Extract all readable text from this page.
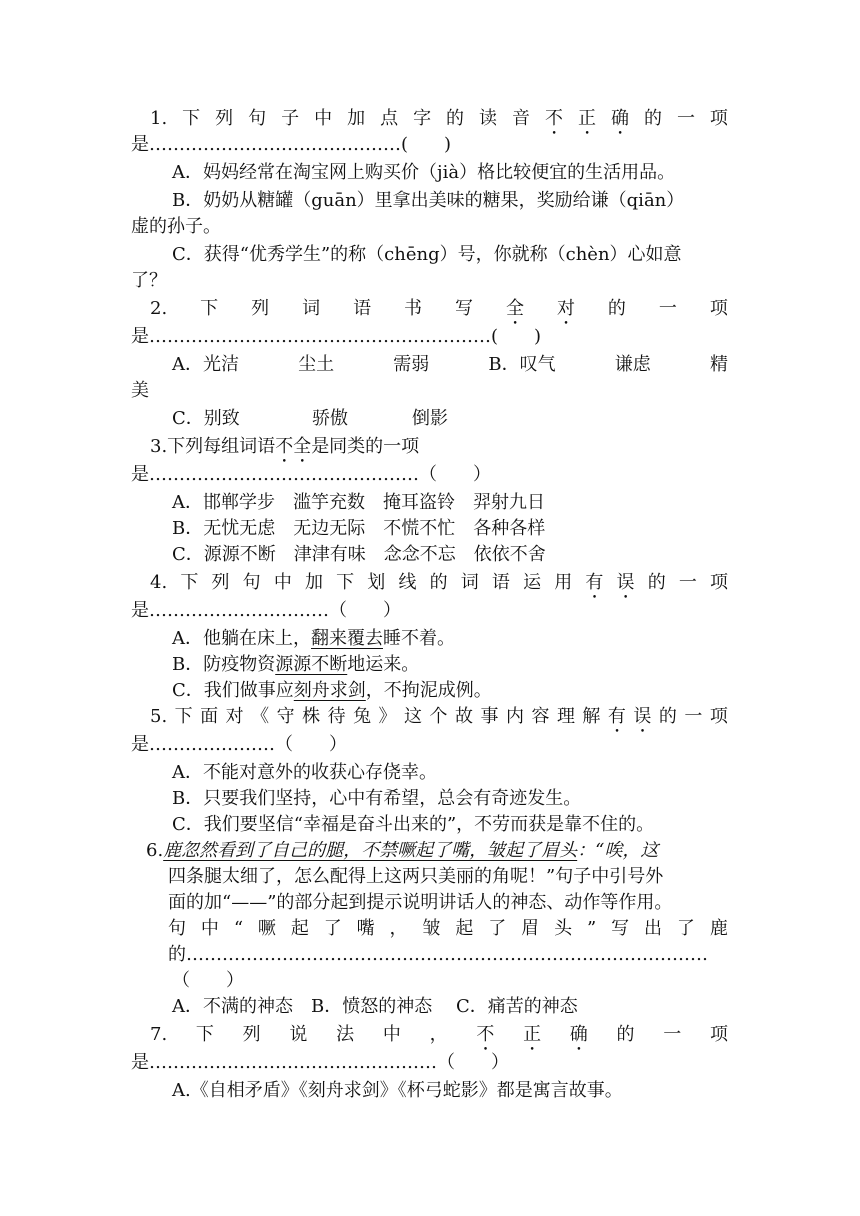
1. 下 列 句 子 中 加 点 字 的 读 音 不 正 确 的 一 项
是……………………………………(　　)
A．妈妈经常在淘宝网上购买价（jià）格比较便宜的生活用品。
B．奶奶从糖罐（guān）里拿出美味的糖果，奖励给谦（qiān）
虚的孙子。
C．获得“优秀学生”的称（chēng）号，你就称（chèn）心如意
了？
2. 下 列 词 语 书 写 全 对 的 一 项
是…………………………………………………(　　)
A．光洁	尘土	需弱	B．叹气	谦虑	精
美
C．别致	骄傲	倒影
3.下列每组词语不全是同类的一项
是………………………………………（　　）
A．邯郸学步　滥竽充数　掩耳盗铃　羿射九日
B．无忧无虑　无边无际　不慌不忙　各种各样
C．源源不断　津津有味　念念不忘　依依不舍
4. 下 列 句 中 加 下 划 线 的 词 语 运 用 有 误 的 一 项
是…………………………（　　）
A．他躺在床上，翻来覆去睡不着。
B．防疫物资源源不断地运来。
C．我们做事应刻舟求剑，不拘泥成例。
5. 下 面 对 《 守 株 待 兔 》 这 个 故 事 内 容 理 解 有 误 的 一 项
是…………………（　　）
A．不能对意外的收获心存侥幸。
B．只要我们坚持，心中有希望，总会有奇迹发生。
C．我们要坚信“幸福是奋斗出来的”，不劳而获是靠不住的。
6.鹿忽然看到了自己的腿，不禁噘起了嘴，皱起了眉头：“唉，这
四条腿太细了，怎么配得上这两只美丽的角呢！”句子中引号外
面的加“——”的部分起到提示说明讲话人的神态、动作等作用。
句 中 “ 噘 起 了 嘴 ， 皱 起 了 眉 头 ” 写 出 了 鹿
的……………………………………………………………………………
（　　）
A．不满的神态　B．愤怒的神态　 C．痛苦的神态
7. 下 列 说 法 中 ， 不 正 确 的 一 项
是…………………………………………（　　）
A.《自相矛盾》《刻舟求剑》《杯弓蛇影》都是寓言故事。
